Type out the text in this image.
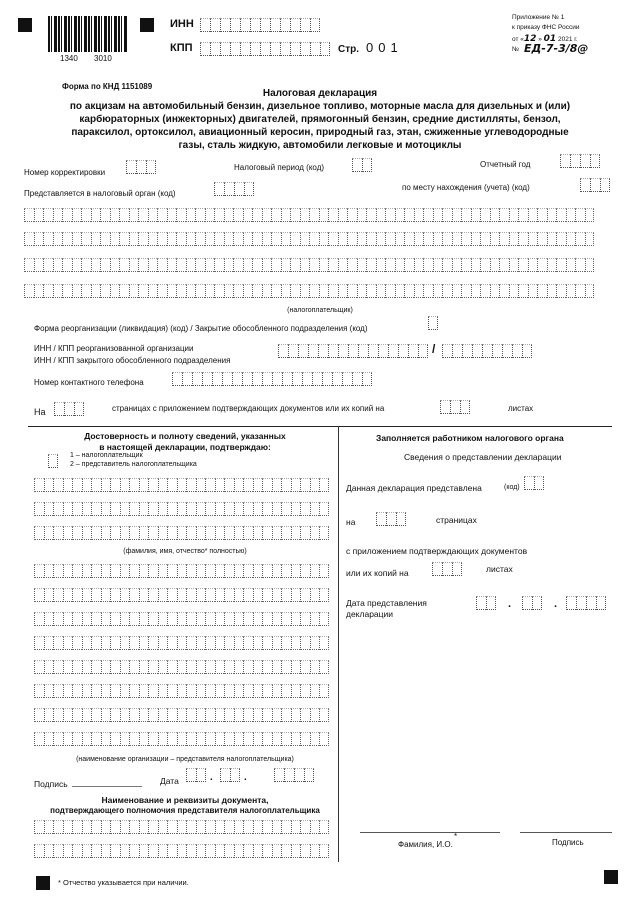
1340 3010
ИНН
КПП	Стр. 001
Приложение № 1
к приказу ФНС России
от «12 » 01 2021 г.
№ ЕД-7-3/8@
Форма по КНД 1151089
Налоговая декларация
по акцизам на автомобильный бензин, дизельное топливо, моторные масла для дизельных и (или)
карбюраторных (инжекторных) двигателей, прямогонный бензин, средние дистилляты, бензол,
параксилол, ортоксилол, авиационный керосин, природный газ, этан, сжиженные углеводородные
газы, сталь жидкую, автомобили легковые и мотоциклы
Номер корректировки
Налоговый период (код)	Отчетный год
Представляется в налоговый орган (код)
по месту нахождения (учета) (код)
(налогоплательщик)
Форма реорганизации (ликвидация) (код) / Закрытие обособленного подразделения (код)
ИНН / КПП реорганизованной организации
ИНН / КПП закрытого обособленного подразделения
/
Номер контактного телефона
На	страницах с приложением подтверждающих документов или их копий на	листах
Достоверность и полноту сведений, указанных
в настоящей декларации, подтверждаю:
1 – налогоплательщик
2 – представитель налогоплательщика
(фамилия, имя, отчество* полностью)
(наименование организации – представителя налогоплательщика)
Подпись	Дата	.	.
Наименование и реквизиты документа,
подтверждающего полномочия представителя налогоплательщика
Заполняется работником налогового органа
Сведения о представлении декларации
Данная декларация представлена	(код)
на	страницах
с приложением подтверждающих документов
или их копий на	листах
Дата представления
декларации
.	.
Фамилия, И.О.
*
Подпись
* Отчество указывается при наличии.
